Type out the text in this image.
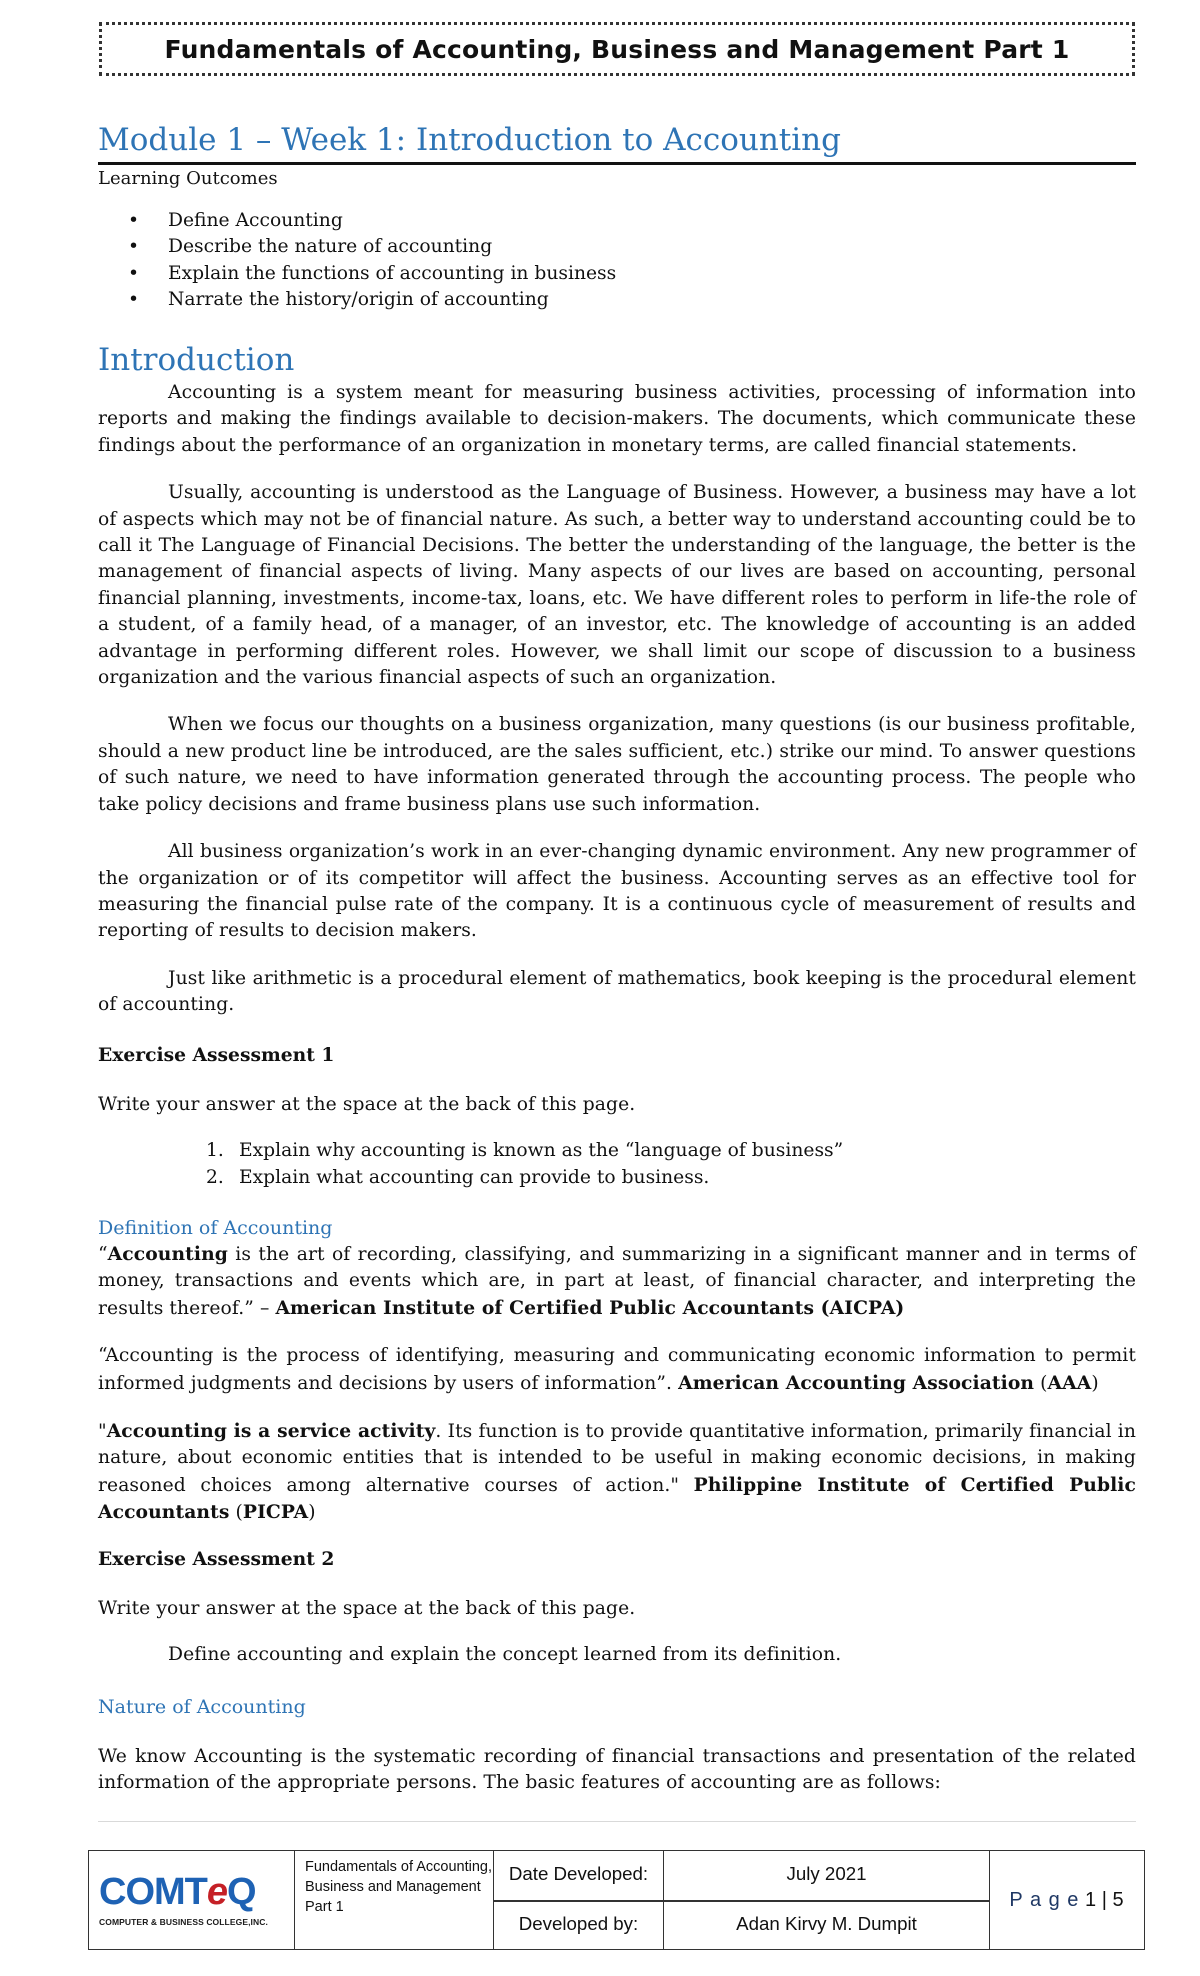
Fundamentals of Accounting, Business and Management Part 1
Module 1 – Week 1: Introduction to Accounting
Learning Outcomes
• Define Accounting
• Describe the nature of accounting
• Explain the functions of accounting in business
• Narrate the history/origin of accounting
Introduction

Accounting is a system meant for measuring business activities, processing of information into reports and making the findings available to decision-makers. The documents, which communicate these findings about the performance of an organization in monetary terms, are called financial statements.

Usually, accounting is understood as the Language of Business. However, a business may have a lot of aspects which may not be of financial nature. As such, a better way to understand accounting could be to call it The Language of Financial Decisions. The better the understanding of the language, the better is the management of financial aspects of living. Many aspects of our lives are based on accounting, personal financial planning, investments, income-tax, loans, etc. We have different roles to perform in life-the role of a student, of a family head, of a manager, of an investor, etc. The knowledge of accounting is an added advantage in performing different roles. However, we shall limit our scope of discussion to a business organization and the various financial aspects of such an organization.

When we focus our thoughts on a business organization, many questions (is our business profitable, should a new product line be introduced, are the sales sufficient, etc.) strike our mind. To answer questions of such nature, we need to have information generated through the accounting process. The people who take policy decisions and frame business plans use such information.

All business organization’s work in an ever-changing dynamic environment. Any new programmer of the organization or of its competitor will affect the business. Accounting serves as an effective tool for measuring the financial pulse rate of the company. It is a continuous cycle of measurement of results and reporting of results to decision makers.

Just like arithmetic is a procedural element of mathematics, book keeping is the procedural element of accounting.

Exercise Assessment 1

Write your answer at the space at the back of this page.

1. Explain why accounting is known as the “language of business”
2. Explain what accounting can provide to business.
Definition of Accounting

“Accounting is the art of recording, classifying, and summarizing in a significant manner and in terms of money, transactions and events which are, in part at least, of financial character, and interpreting the results thereof.” – American Institute of Certified Public Accountants (AICPA)

“Accounting is the process of identifying, measuring and communicating economic information to permit informed judgments and decisions by users of information”. American Accounting Association (AAA)

"Accounting is a service activity. Its function is to provide quantitative information, primarily financial in nature, about economic entities that is intended to be useful in making economic decisions, in making reasoned choices among alternative courses of action." Philippine Institute of Certified Public Accountants (PICPA)

Exercise Assessment 2

Write your answer at the space at the back of this page.

Define accounting and explain the concept learned from its definition.

Nature of Accounting

We know Accounting is the systematic recording of financial transactions and presentation of the related information of the appropriate persons. The basic features of accounting are as follows:

COMTeQ
COMPUTER & BUSINESS COLLEGE,INC.
Fundamentals of Accounting, Business and Management Part 1
Date Developed:
Developed by:
July 2021
Adan Kirvy M. Dumpit
P a g e
1
|
5
